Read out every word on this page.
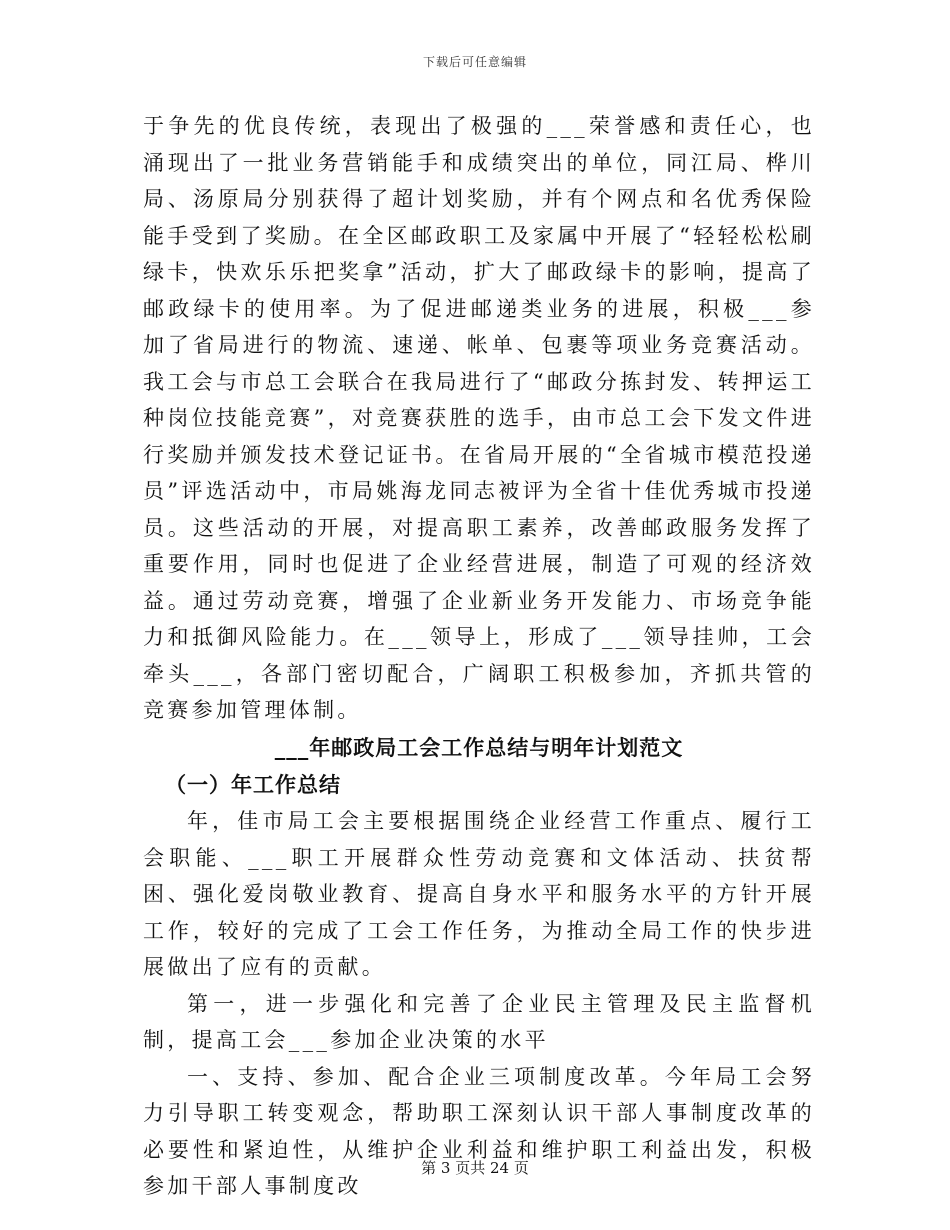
下载后可任意编辑

于争先的优良传统，表现出了极强的___荣誉感和责任心，也涌现出了一批业务营销能手和成绩突出的单位，同江局、桦川局、汤原局分别获得了超计划奖励，并有个网点和名优秀保险能手受到了奖励。在全区邮政职工及家属中开展了“轻轻松松刷绿卡，快欢乐乐把奖拿”活动，扩大了邮政绿卡的影响，提高了邮政绿卡的使用率。为了促进邮递类业务的进展，积极___参加了省局进行的物流、速递、帐单、包裹等项业务竞赛活动。我工会与市总工会联合在我局进行了“邮政分拣封发、转押运工种岗位技能竞赛”，对竞赛获胜的选手，由市总工会下发文件进行奖励并颁发技术登记证书。在省局开展的“全省城市模范投递员”评选活动中，市局姚海龙同志被评为全省十佳优秀城市投递员。这些活动的开展，对提高职工素养，改善邮政服务发挥了重要作用，同时也促进了企业经营进展，制造了可观的经济效益。通过劳动竞赛，增强了企业新业务开发能力、市场竞争能力和抵御风险能力。在___领导上，形成了___领导挂帅，工会牵头___，各部门密切配合，广阔职工积极参加，齐抓共管的竞赛参加管理体制。

___年邮政局工会工作总结与明年计划范文

（一）年工作总结

年，佳市局工会主要根据围绕企业经营工作重点、履行工会职能、___职工开展群众性劳动竞赛和文体活动、扶贫帮困、强化爱岗敬业教育、提高自身水平和服务水平的方针开展工作，较好的完成了工会工作任务，为推动全局工作的快步进展做出了应有的贡献。

第一，进一步强化和完善了企业民主管理及民主监督机制，提高工会___参加企业决策的水平

一、支持、参加、配合企业三项制度改革。今年局工会努力引导职工转变观念，帮助职工深刻认识干部人事制度改革的必要性和紧迫性，从维护企业利益和维护职工利益出发，积极参加干部人事制度改

第 3 页共 24 页
